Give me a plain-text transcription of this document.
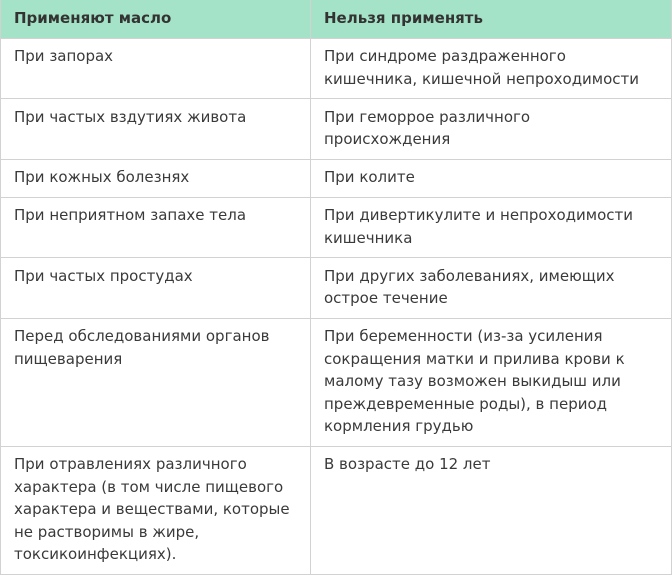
Применяют масло	Нельзя применять
При запорах	При синдроме раздраженного кишечника, кишечной непроходимости
При частых вздутиях живота	При геморрое различного происхождения
При кожных болезнях	При колите
При неприятном запахе тела	При дивертикулите и непроходимости кишечника
При частых простудах	При других заболеваниях, имеющих острое течение
Перед обследованиями органов пищеварения	При беременности (из-за усиления сокращения матки и прилива крови к малому тазу возможен выкидыш или преждевременные роды), в период кормления грудью
При отравлениях различного характера (в том числе пищевого характера и веществами, которые не растворимы в жире, токсикоинфекциях).	В возрасте до 12 лет
